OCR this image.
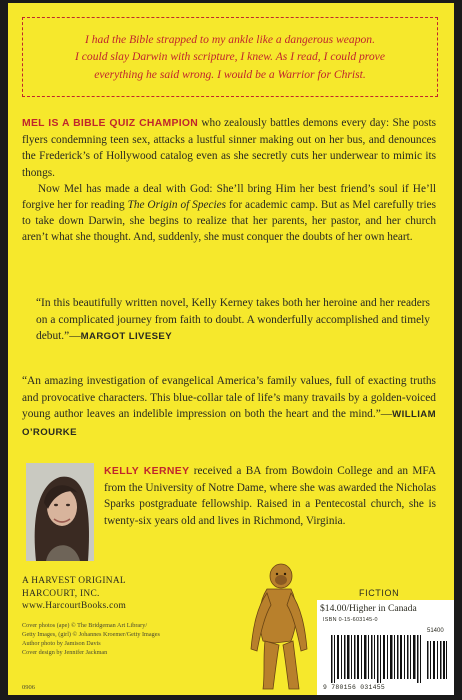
I had the Bible strapped to my ankle like a dangerous weapon.
I could slay Darwin with scripture, I knew. As I read, I could prove
everything he said wrong. I would be a Warrior for Christ.
MEL IS A BIBLE QUIZ CHAMPION who zealously battles demons every day: She posts flyers condemning teen sex, attacks a lustful sinner making out on her bus, and denounces the Frederick’s of Hollywood catalog even as she secretly cuts her underwear to mimic its thongs.
Now Mel has made a deal with God: She’ll bring Him her best friend’s soul if He’ll forgive her for reading The Origin of Species for academic camp. But as Mel carefully tries to take down Darwin, she begins to realize that her parents, her pastor, and her church aren’t what she thought. And, suddenly, she must conquer the doubts of her own heart.
“In this beautifully written novel, Kelly Kerney takes both her heroine and her readers on a complicated journey from faith to doubt. A wonderfully accomplished and timely debut.”—MARGOT LIVESEY
“An amazing investigation of evangelical America’s family values, full of exacting truths and provocative characters. This blue-collar tale of life’s many travails by a golden-voiced young author leaves an indelible impression on both the heart and the mind.”—WILLIAM O’ROURKE
KELLY KERNEY received a BA from Bowdoin College and an MFA from the University of Notre Dame, where she was awarded the Nicholas Sparks postgraduate fellowship. Raised in a Pentecostal church, she is twenty-six years old and lives in Richmond, Virginia.
A HARVEST ORIGINAL
HARCOURT, INC.
www.HarcourtBooks.com
Cover photos (ape) © The Bridgeman Art Library/
Getty Images, (girl) © Johannes Kroemer/Getty Images
Author photo by Jamison Davis
Cover design by Jennifer Jackman
0906
FICTION
$14.00/Higher in Canada
ISBN 0-15-603145-0
51400
9 780156 031455
